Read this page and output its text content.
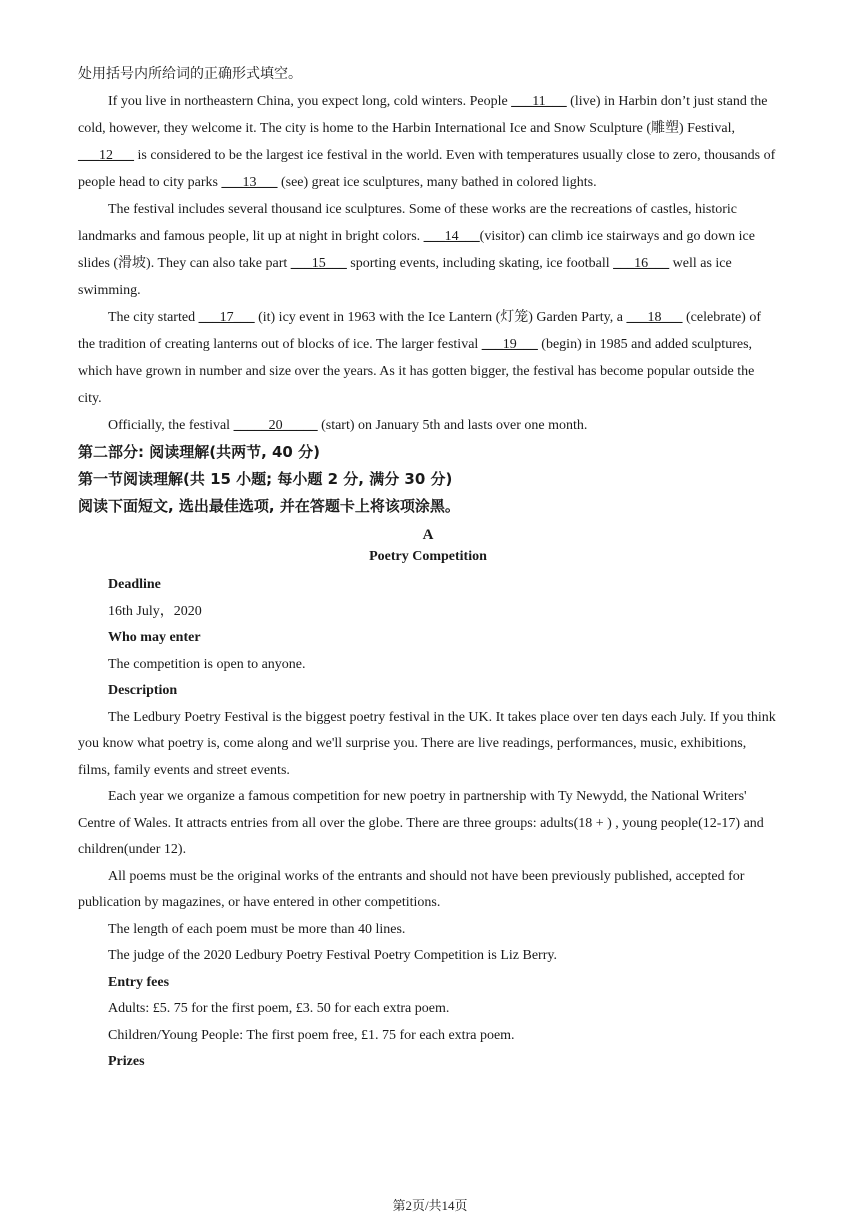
处用括号内所给词的正确形式填空。

If you live in northeastern China, you expect long, cold winters. People ___11___ (live) in Harbin don’t just stand the cold, however, they welcome it. The city is home to the Harbin International Ice and Snow Sculpture (雕塑) Festival, ___12___ is considered to be the largest ice festival in the world. Even with temperatures usually close to zero, thousands of people head to city parks ___13___ (see) great ice sculptures, many bathed in colored lights.

The festival includes several thousand ice sculptures. Some of these works are the recreations of castles, historic landmarks and famous people, lit up at night in bright colors. ___14___(visitor) can climb ice stairways and go down ice slides (滑坡). They can also take part ___15___ sporting events, including skating, ice football ___16___ well as ice swimming.

The city started ___17___ (it) icy event in 1963 with the Ice Lantern (灯笼) Garden Party, a ___18___ (celebrate) of the tradition of creating lanterns out of blocks of ice. The larger festival ___19___ (begin) in 1985 and added sculptures, which have grown in number and size over the years. As it has gotten bigger, the festival has become popular outside the city.

Officially, the festival _____20_____ (start) on January 5th and lasts over one month.

第二部分: 阅读理解(共两节, 40 分)

第一节阅读理解(共 15 小题; 每小题 2 分, 满分 30 分)

阅读下面短文, 选出最佳选项, 并在答题卡上将该项涂黑。

A
Poetry Competition

Deadline

16th July，2020

Who may enter

The competition is open to anyone.

Description

The Ledbury Poetry Festival is the biggest poetry festival in the UK. It takes place over ten days each July. If you think you know what poetry is, come along and we'll surprise you. There are live readings, performances, music, exhibitions, films, family events and street events.

Each year we organize a famous competition for new poetry in partnership with Ty Newydd, the National Writers' Centre of Wales. It attracts entries from all over the globe. There are three groups: adults(18 + ) , young people(12-17) and children(under 12).

All poems must be the original works of the entrants and should not have been previously published, accepted for publication by magazines, or have entered in other competitions.

The length of each poem must be more than 40 lines.

The judge of the 2020 Ledbury Poetry Festival Poetry Competition is Liz Berry.

Entry fees

Adults: £5. 75 for the first poem, £3. 50 for each extra poem.

Children/Young People: The first poem free, £1. 75 for each extra poem.

Prizes

第2页/共14页
